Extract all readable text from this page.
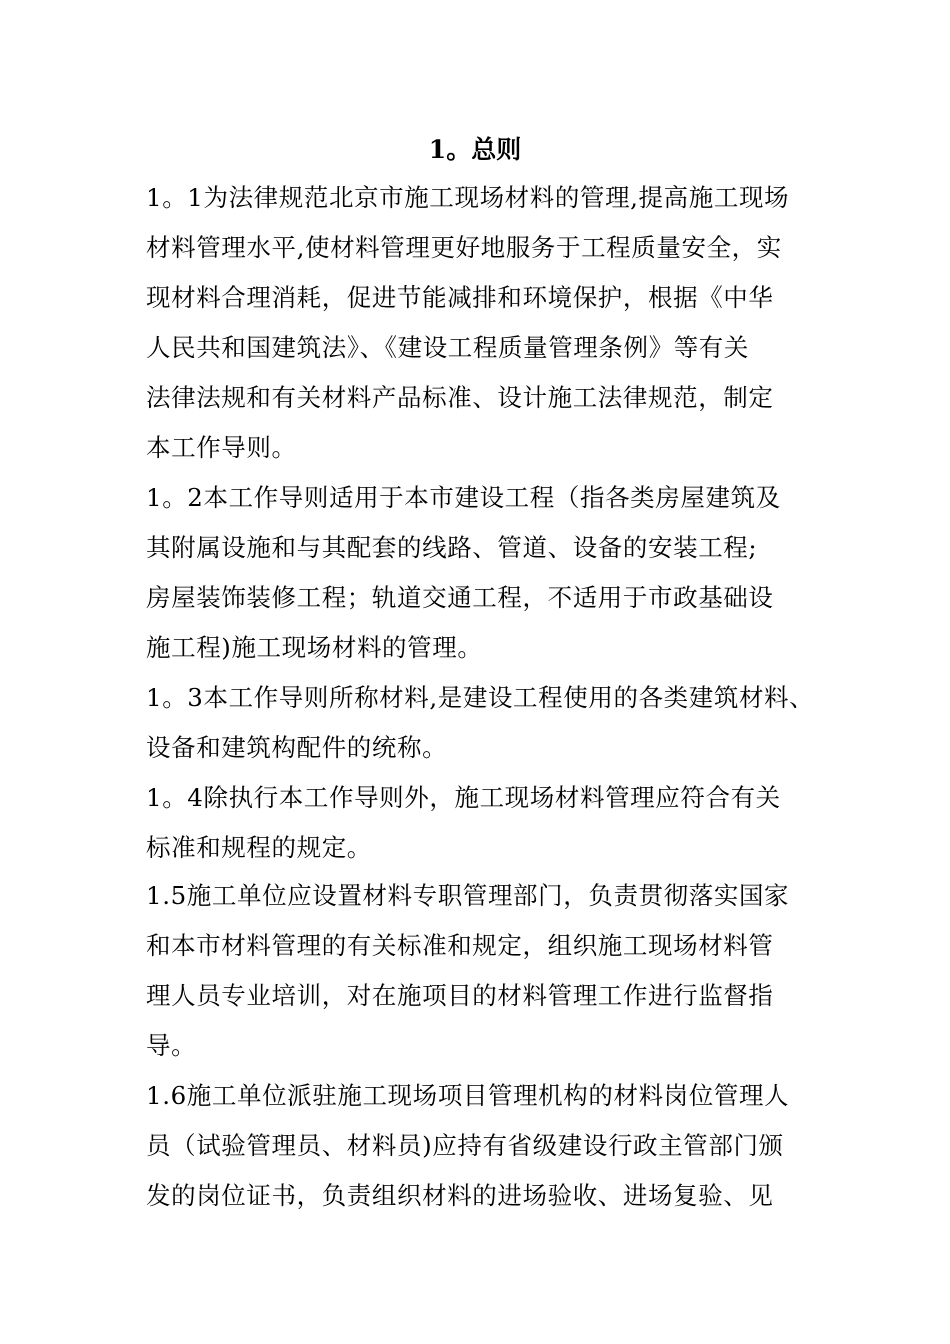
1。总则
1。1为法律规范北京市施工现场材料的管理,提高施工现场
材料管理水平,使材料管理更好地服务于工程质量安全，实
现材料合理消耗，促进节能减排和环境保护，根据《中华
人民共和国建筑法》、《建设工程质量管理条例》等有关
法律法规和有关材料产品标准、设计施工法律规范，制定
本工作导则。
1。2本工作导则适用于本市建设工程（指各类房屋建筑及
其附属设施和与其配套的线路、管道、设备的安装工程;
房屋装饰装修工程；轨道交通工程，不适用于市政基础设
施工程)施工现场材料的管理。
1。3本工作导则所称材料,是建设工程使用的各类建筑材料、
设备和建筑构配件的统称。
1。4除执行本工作导则外，施工现场材料管理应符合有关
标准和规程的规定。
1.5施工单位应设置材料专职管理部门，负责贯彻落实国家
和本市材料管理的有关标准和规定，组织施工现场材料管
理人员专业培训，对在施项目的材料管理工作进行监督指
导。
1.6施工单位派驻施工现场项目管理机构的材料岗位管理人
员（试验管理员、材料员)应持有省级建设行政主管部门颁
发的岗位证书，负责组织材料的进场验收、进场复验、见
